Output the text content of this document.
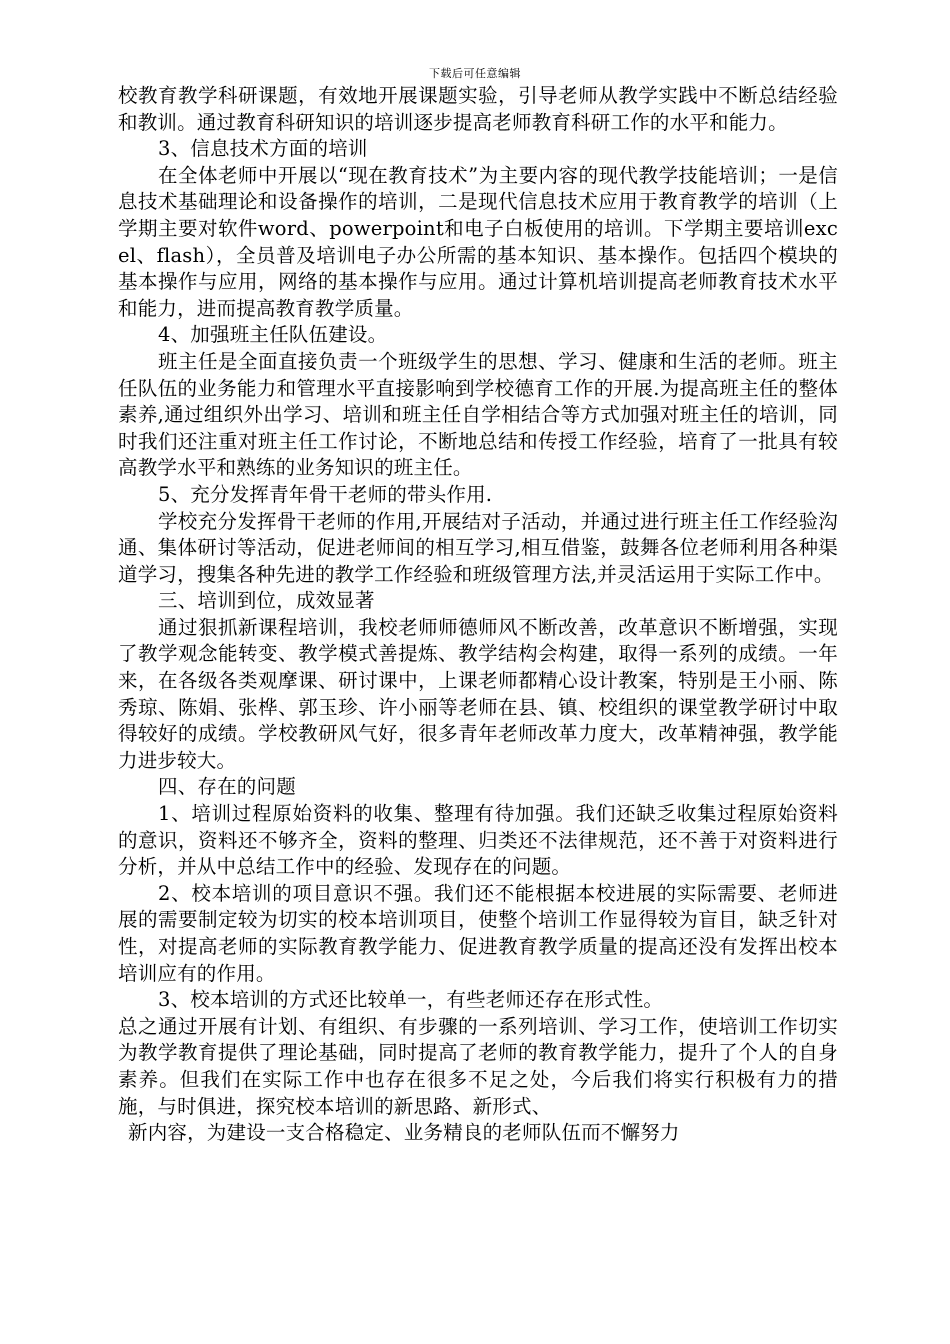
下载后可任意编辑

校教育教学科研课题，有效地开展课题实验，引导老师从教学实践中不断总结经验和教训。通过教育科研知识的培训逐步提高老师教育科研工作的水平和能力。

3、信息技术方面的培训

在全体老师中开展以“现在教育技术”为主要内容的现代教学技能培训；一是信息技术基础理论和设备操作的培训，二是现代信息技术应用于教育教学的培训（上学期主要对软件word、powerpoint和电子白板使用的培训。下学期主要培训excel、flash），全员普及培训电子办公所需的基本知识、基本操作。包括四个模块的基本操作与应用，网络的基本操作与应用。通过计算机培训提高老师教育技术水平和能力，进而提高教育教学质量。

4、加强班主任队伍建设。

班主任是全面直接负责一个班级学生的思想、学习、健康和生活的老师。班主任队伍的业务能力和管理水平直接影响到学校德育工作的开展.为提高班主任的整体素养,通过组织外出学习、培训和班主任自学相结合等方式加强对班主任的培训，同时我们还注重对班主任工作讨论，不断地总结和传授工作经验，培育了一批具有较高教学水平和熟练的业务知识的班主任。

5、充分发挥青年骨干老师的带头作用.

学校充分发挥骨干老师的作用,开展结对子活动，并通过进行班主任工作经验沟通、集体研讨等活动，促进老师间的相互学习,相互借鉴，鼓舞各位老师利用各种渠道学习，搜集各种先进的教学工作经验和班级管理方法,并灵活运用于实际工作中。

三、培训到位，成效显著

通过狠抓新课程培训，我校老师师德师风不断改善，改革意识不断增强，实现了教学观念能转变、教学模式善提炼、教学结构会构建，取得一系列的成绩。一年来，在各级各类观摩课、研讨课中，上课老师都精心设计教案，特别是王小丽、陈秀琼、陈娟、张桦、郭玉珍、许小丽等老师在县、镇、校组织的课堂教学研讨中取得较好的成绩。学校教研风气好，很多青年老师改革力度大，改革精神强，教学能力进步较大。

四、存在的问题

1、培训过程原始资料的收集、整理有待加强。我们还缺乏收集过程原始资料的意识，资料还不够齐全，资料的整理、归类还不法律规范，还不善于对资料进行分析，并从中总结工作中的经验、发现存在的问题。

2、校本培训的项目意识不强。我们还不能根据本校进展的实际需要、老师进展的需要制定较为切实的校本培训项目，使整个培训工作显得较为盲目，缺乏针对性，对提高老师的实际教育教学能力、促进教育教学质量的提高还没有发挥出校本培训应有的作用。

3、校本培训的方式还比较单一，有些老师还存在形式性。

总之通过开展有计划、有组织、有步骤的一系列培训、学习工作，使培训工作切实为教学教育提供了理论基础，同时提高了老师的教育教学能力，提升了个人的自身素养。但我们在实际工作中也存在很多不足之处，今后我们将实行积极有力的措施，与时俱进，探究校本培训的新思路、新形式、

新内容，为建设一支合格稳定、业务精良的老师队伍而不懈努力
